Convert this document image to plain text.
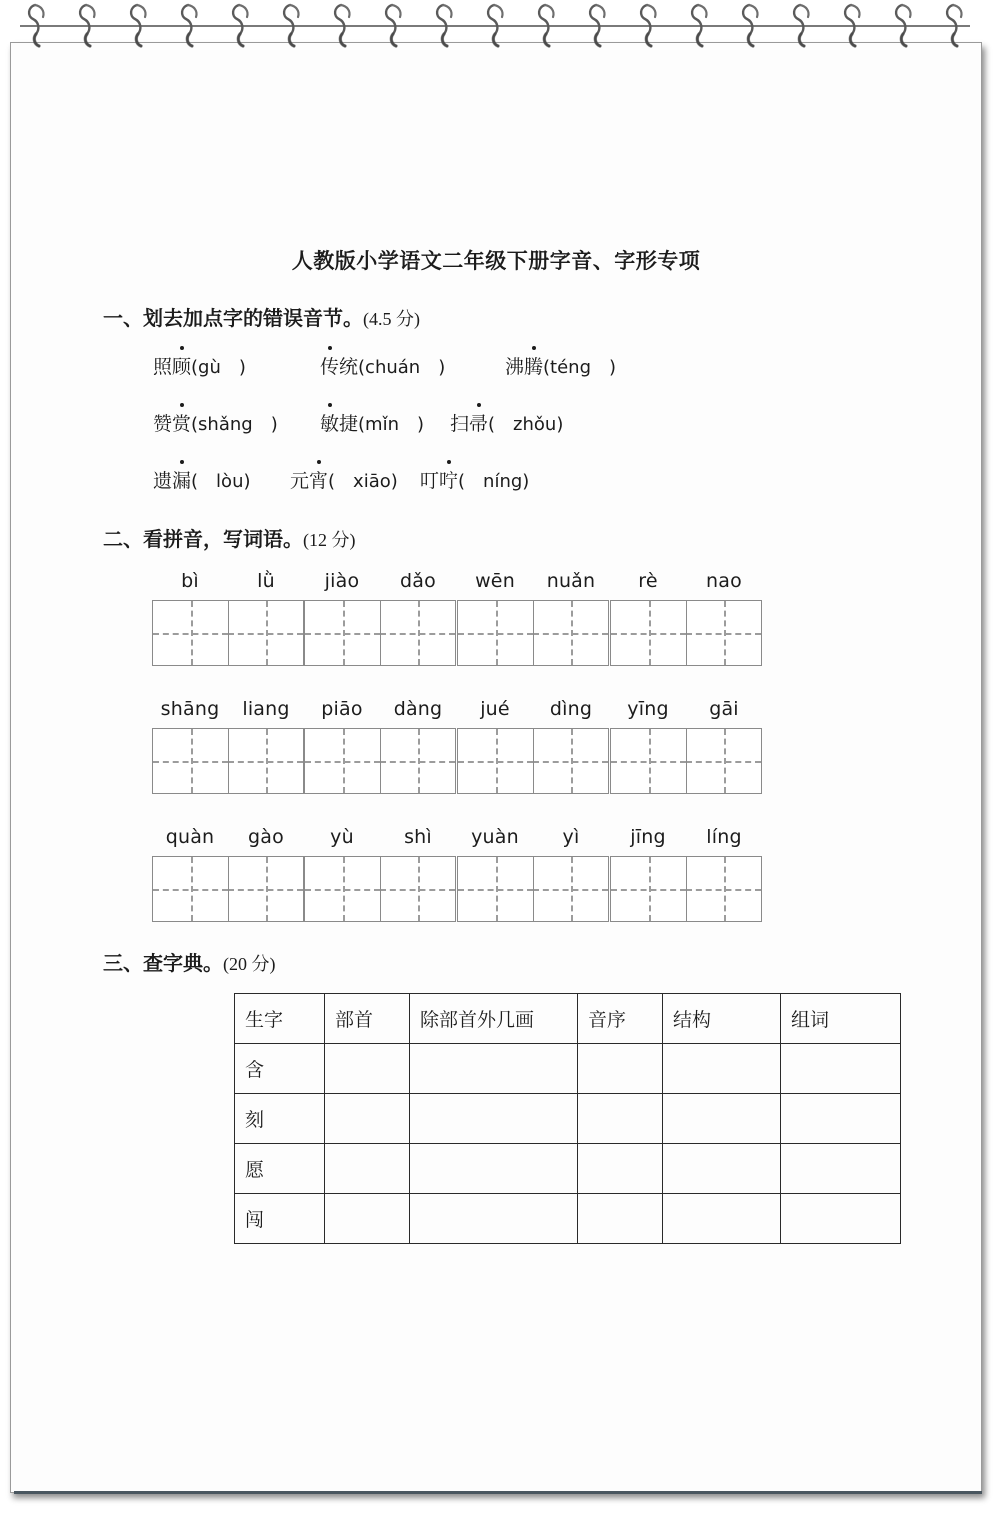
人教版小学语文二年级下册字音、字形专项
一、划去加点字的错误音节。(4.5 分)
照顾(gù　)	传统(chuán　)	沸腾(téng　)
赞赏(shǎng　) 敏捷(mǐn　) 扫帚(　zhǒu)
遗漏(　lòu) 元宵(　xiāo) 叮咛(　níng)
二、看拼音，写词语。(12 分)
bì	lǜ	jiào	dǎo	wēn	nuǎn	rè	nao
shāng	liang	piāo	dàng	jué	dìng	yīng	gāi
quàn	gào	yù	shì	yuàn	yì	jīng	líng
三、查字典。(20 分)
生字	部首	除部首外几画	音序	结构	组词
含					
刻					
愿					
闯					
